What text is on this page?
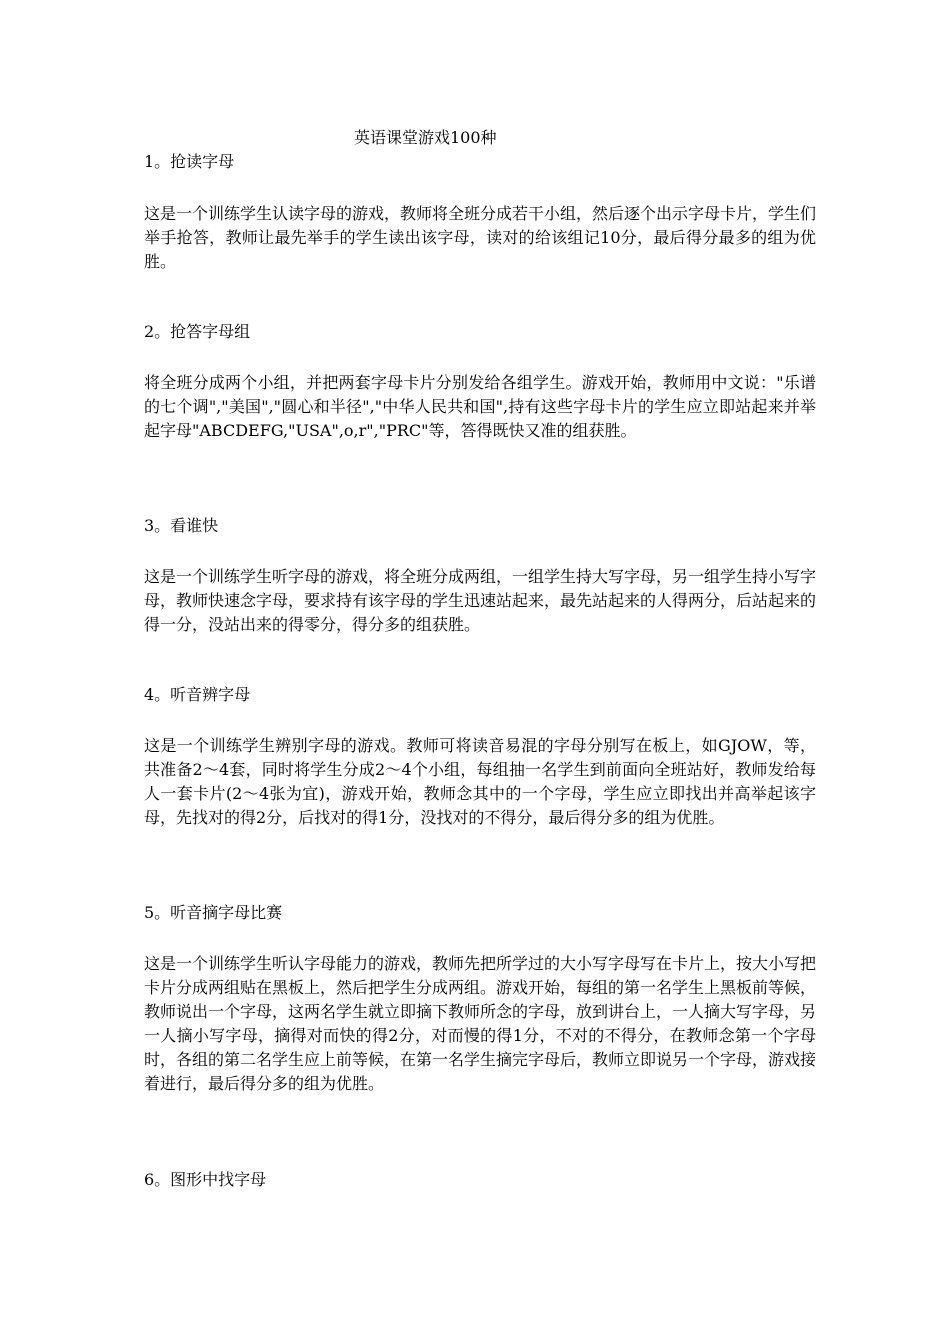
英语课堂游戏100种
1。抢读字母
这是一个训练学生认读字母的游戏，教师将全班分成若干小组，然后逐个出示字母卡片，学生们举手抢答，教师让最先举手的学生读出该字母，读对的给该组记10分，最后得分最多的组为优胜。
2。抢答字母组
将全班分成两个小组，并把两套字母卡片分别发给各组学生。游戏开始，教师用中文说："乐谱的七个调","美国","圆心和半径","中华人民共和国",持有这些字母卡片的学生应立即站起来并举起字母"ABCDEFG,"USA",o,r","PRC"等，答得既快又准的组获胜。
3。看谁快
这是一个训练学生听字母的游戏，将全班分成两组，一组学生持大写字母，另一组学生持小写字母，教师快速念字母，要求持有该字母的学生迅速站起来，最先站起来的人得两分，后站起来的得一分，没站出来的得零分，得分多的组获胜。
4。听音辨字母
这是一个训练学生辨别字母的游戏。教师可将读音易混的字母分别写在板上，如GJOW，等，共准备2～4套，同时将学生分成2～4个小组，每组抽一名学生到前面向全班站好，教师发给每人一套卡片(2～4张为宜)，游戏开始，教师念其中的一个字母，学生应立即找出并高举起该字母，先找对的得2分，后找对的得1分，没找对的不得分，最后得分多的组为优胜。
5。听音摘字母比赛
这是一个训练学生听认字母能力的游戏，教师先把所学过的大小写字母写在卡片上，按大小写把卡片分成两组贴在黑板上，然后把学生分成两组。游戏开始，每组的第一名学生上黑板前等候，教师说出一个字母，这两名学生就立即摘下教师所念的字母，放到讲台上，一人摘大写字母，另一人摘小写字母，摘得对而快的得2分，对而慢的得1分，不对的不得分，在教师念第一个字母时，各组的第二名学生应上前等候，在第一名学生摘完字母后，教师立即说另一个字母，游戏接着进行，最后得分多的组为优胜。
6。图形中找字母
